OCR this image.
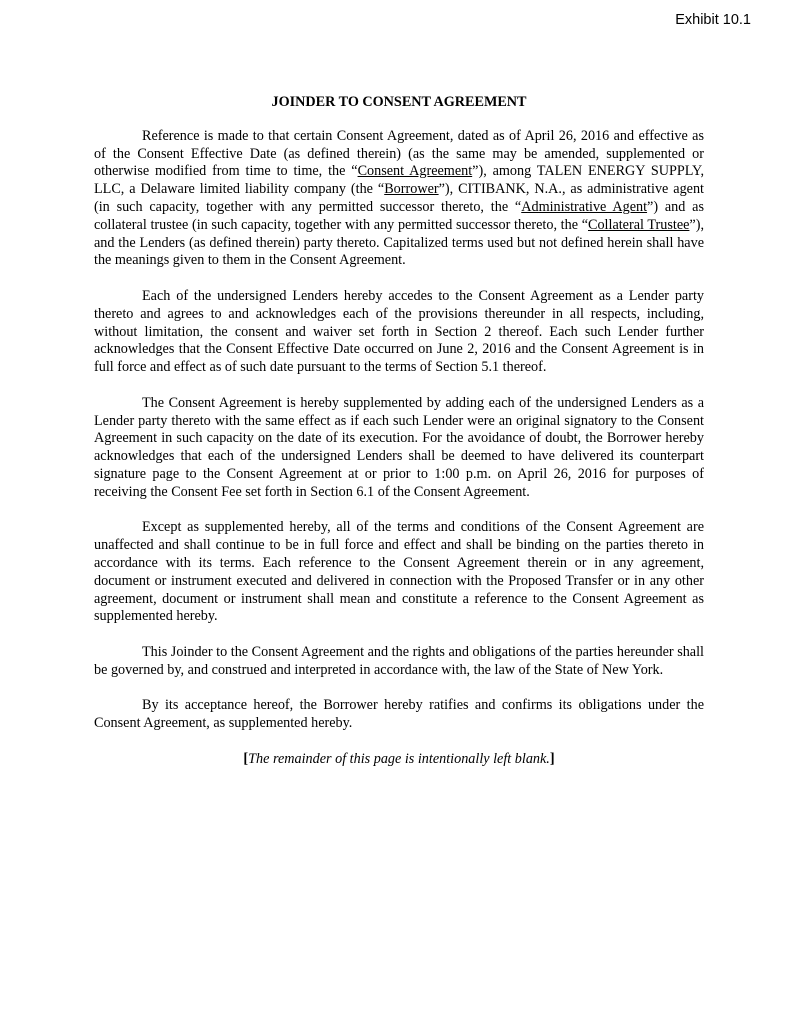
Exhibit 10.1

JOINDER TO CONSENT AGREEMENT

Reference is made to that certain Consent Agreement, dated as of April 26, 2016 and effective as of the Consent Effective Date (as defined therein) (as the same may be amended, supplemented or otherwise modified from time to time, the “Consent Agreement”), among TALEN ENERGY SUPPLY, LLC, a Delaware limited liability company (the “Borrower”), CITIBANK, N.A., as administrative agent (in such capacity, together with any permitted successor thereto, the “Administrative Agent”) and as collateral trustee (in such capacity, together with any permitted successor thereto, the “Collateral Trustee”), and the Lenders (as defined therein) party thereto. Capitalized terms used but not defined herein shall have the meanings given to them in the Consent Agreement.

Each of the undersigned Lenders hereby accedes to the Consent Agreement as a Lender party thereto and agrees to and acknowledges each of the provisions thereunder in all respects, including, without limitation, the consent and waiver set forth in Section 2 thereof. Each such Lender further acknowledges that the Consent Effective Date occurred on June 2, 2016 and the Consent Agreement is in full force and effect as of such date pursuant to the terms of Section 5.1 thereof.

The Consent Agreement is hereby supplemented by adding each of the undersigned Lenders as a Lender party thereto with the same effect as if each such Lender were an original signatory to the Consent Agreement in such capacity on the date of its execution. For the avoidance of doubt, the Borrower hereby acknowledges that each of the undersigned Lenders shall be deemed to have delivered its counterpart signature page to the Consent Agreement at or prior to 1:00 p.m. on April 26, 2016 for purposes of receiving the Consent Fee set forth in Section 6.1 of the Consent Agreement.

Except as supplemented hereby, all of the terms and conditions of the Consent Agreement are unaffected and shall continue to be in full force and effect and shall be binding on the parties thereto in accordance with its terms. Each reference to the Consent Agreement therein or in any agreement, document or instrument executed and delivered in connection with the Proposed Transfer or in any other agreement, document or instrument shall mean and constitute a reference to the Consent Agreement as supplemented hereby.

This Joinder to the Consent Agreement and the rights and obligations of the parties hereunder shall be governed by, and construed and interpreted in accordance with, the law of the State of New York.

By its acceptance hereof, the Borrower hereby ratifies and confirms its obligations under the Consent Agreement, as supplemented hereby.

[The remainder of this page is intentionally left blank.]
